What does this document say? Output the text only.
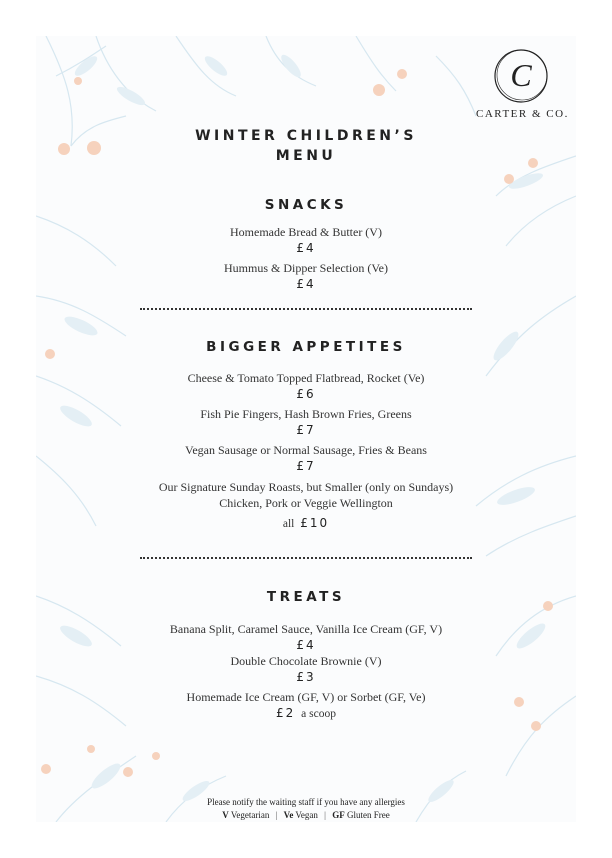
C
CARTER & CO.
WINTER CHILDREN’S
MENU
SNACKS
Homemade Bread & Butter (V)
£4
Hummus & Dipper Selection (Ve)
£4
BIGGER APPETITES
Cheese & Tomato Topped Flatbread, Rocket (Ve)
£6
Fish Pie Fingers, Hash Brown Fries, Greens
£7
Vegan Sausage or Normal Sausage, Fries & Beans
£7
Our Signature Sunday Roasts, but Smaller (only on Sundays)
Chicken, Pork or Veggie Wellington
all £10
TREATS
Banana Split, Caramel Sauce, Vanilla Ice Cream (GF, V)
£4
Double Chocolate Brownie (V)
£3
Homemade Ice Cream (GF, V) or Sorbet (GF, Ve)
£2 a scoop
Please notify the waiting staff if you have any allergies
V Vegetarian | Ve Vegan | GF Gluten Free
